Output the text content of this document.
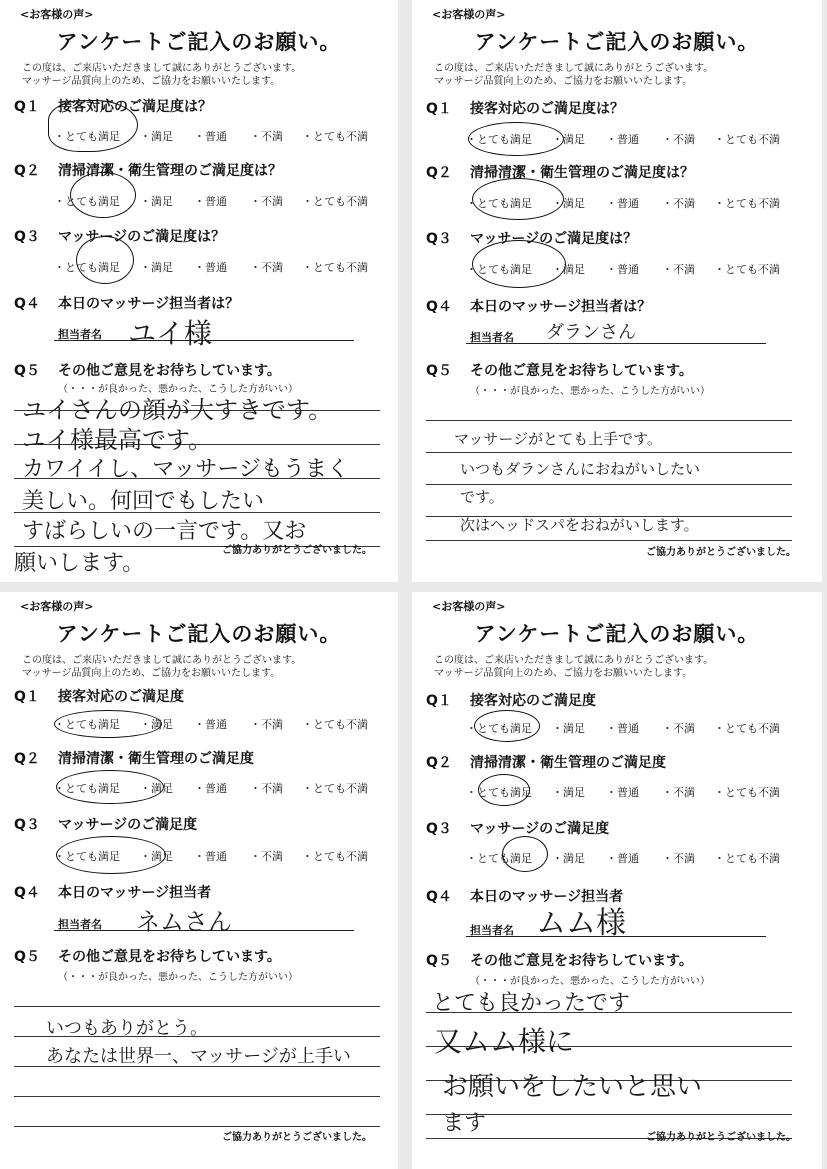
<お客様の声>
アンケートご記入のお願い。
この度は、ご来店いただきまして誠にありがとうございます。
マッサージ品質向上のため、ご協力をお願いいたします。
Q１ 接客対応のご満足度は？
・とても満足 ・満足 ・普通 ・不満 ・とても不満
Q２ 清掃清潔・衛生管理のご満足度は？
・とても満足 ・満足 ・普通 ・不満 ・とても不満
Q３ マッサージのご満足度は？
・とても満足 ・満足 ・普通 ・不満 ・とても不満
Q４ 本日のマッサージ担当者は？
担当者名 ユイ様
Q５ その他ご意見をお待ちしています。
（・・・が良かった、悪かった、こうした方がいい）
ユイさんの顔が大すきです。
ユイ様最高です。
カワイイし、マッサージもうまく
美しい。何回でもしたい
すばらしいの一言です。又お
願いします。
ご協力ありがとうございました。
<お客様の声>
アンケートご記入のお願い。
この度は、ご来店いただきまして誠にありがとうございます。
マッサージ品質向上のため、ご協力をお願いいたします。
Q１ 接客対応のご満足度は？
・とても満足 ・満足 ・普通 ・不満 ・とても不満
Q２ 清掃清潔・衛生管理のご満足度は？
・とても満足 ・満足 ・普通 ・不満 ・とても不満
Q３ マッサージのご満足度は？
・とても満足 ・満足 ・普通 ・不満 ・とても不満
Q４ 本日のマッサージ担当者は？
担当者名 ダランさん
Q５ その他ご意見をお待ちしています。
（・・・が良かった、悪かった、こうした方がいい）
マッサージがとても上手です。
いつもダランさんにおねがいしたい
です。
次はヘッドスパをおねがいします。
ご協力ありがとうございました。
<お客様の声>
アンケートご記入のお願い。
この度は、ご来店いただきまして誠にありがとうございます。
マッサージ品質向上のため、ご協力をお願いいたします。
Q１ 接客対応のご満足度
・とても満足 ・満足 ・普通 ・不満 ・とても不満
Q２ 清掃清潔・衛生管理のご満足度
・とても満足 ・満足 ・普通 ・不満 ・とても不満
Q３ マッサージのご満足度
・とても満足 ・満足 ・普通 ・不満 ・とても不満
Q４ 本日のマッサージ担当者
担当者名 ネムさん
Q５ その他ご意見をお待ちしています。
（・・・が良かった、悪かった、こうした方がいい）
いつもありがとう。
あなたは世界一、マッサージが上手い
ご協力ありがとうございました。
<お客様の声>
アンケートご記入のお願い。
この度は、ご来店いただきまして誠にありがとうございます。
マッサージ品質向上のため、ご協力をお願いいたします。
Q１ 接客対応のご満足度
・とても満足 ・満足 ・普通 ・不満 ・とても不満
Q２ 清掃清潔・衛生管理のご満足度
・とても満足 ・満足 ・普通 ・不満 ・とても不満
Q３ マッサージのご満足度
・とても満足 ・満足 ・普通 ・不満 ・とても不満
Q４ 本日のマッサージ担当者
担当者名 ムム様
Q５ その他ご意見をお待ちしています。
（・・・が良かった、悪かった、こうした方がいい）
とても良かったです
又ムム様に
お願いをしたいと思い
ます
ご協力ありがとうございました。
